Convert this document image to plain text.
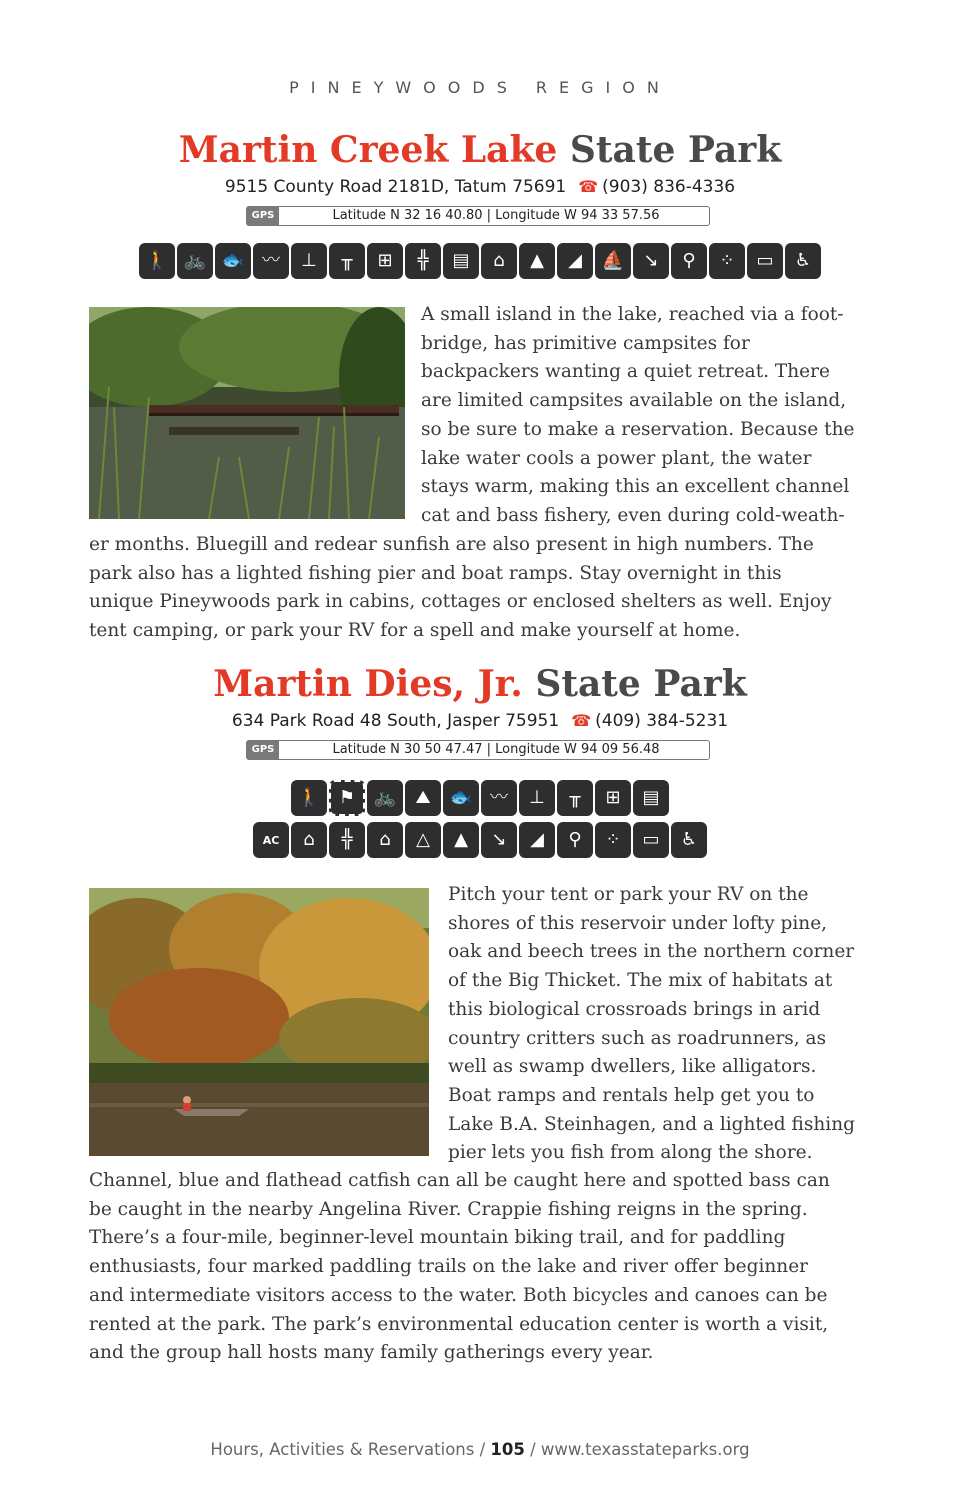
PINEYWOODS REGION
Martin Creek Lake State Park
9515 County Road 2181D, Tatum 75691 ☎ (903) 836-4336
GPS	Latitude N 32 16 40.80 | Longitude W 94 33 57.56
🚶 🚲 🐟 〰	⊥	╥	⊞	╬	▤	⌂	▲	◢	⛵	↘	⚲	⁘	▭	♿
A small island in the lake, reached via a foot-
bridge, has primitive campsites for
backpackers wanting a quiet retreat. There
are limited campsites available on the island,
so be sure to make a reservation. Because the
lake water cools a power plant, the water
stays warm, making this an excellent channel
cat and bass fishery, even during cold-weath-
er months. Bluegill and redear sunfish are also present in high numbers. The
park also has a lighted fishing pier and boat ramps. Stay overnight in this
unique Pineywoods park in cabins, cottages or enclosed shelters as well. Enjoy
tent camping, or park your RV for a spell and make yourself at home.
Martin Dies, Jr. State Park
634 Park Road 48 South, Jasper 75951 ☎ (409) 384-5231
GPS	Latitude N 30 50 47.47 | Longitude W 94 09 56.48
🚶	⚑	🚲	⛰	🐟 〰	⊥	╥	⊞	▤
AC	⌂	╬	⌂	△	▲	↘	◢	⚲	⁘	▭	♿
Pitch your tent or park your RV on the
shores of this reservoir under lofty pine,
oak and beech trees in the northern corner
of the Big Thicket. The mix of habitats at
this biological crossroads brings in arid
country critters such as roadrunners, as
well as swamp dwellers, like alligators.
Boat ramps and rentals help get you to
Lake B.A. Steinhagen, and a lighted fishing
pier lets you fish from along the shore.
Channel, blue and flathead catfish can all be caught here and spotted bass can
be caught in the nearby Angelina River. Crappie fishing reigns in the spring.
There’s a four-mile, beginner-level mountain biking trail, and for paddling
enthusiasts, four marked paddling trails on the lake and river offer beginner
and intermediate visitors access to the water. Both bicycles and canoes can be
rented at the park. The park’s environmental education center is worth a visit,
and the group hall hosts many family gatherings every year.
Hours, Activities & Reservations / 105 / www.texasstateparks.org
